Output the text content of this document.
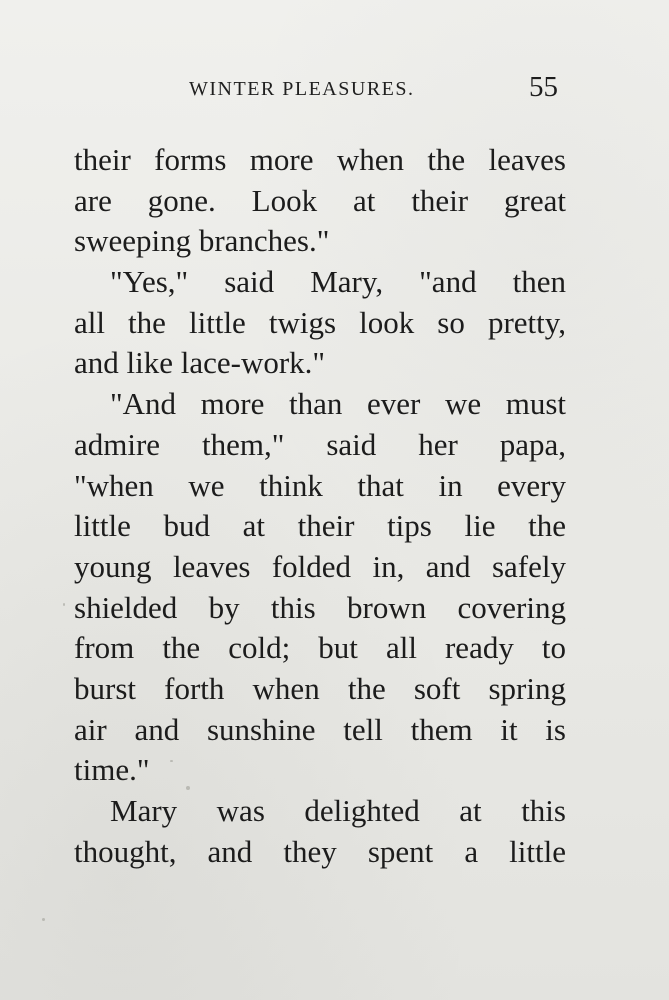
WINTER PLEASURES.	55
their forms more when the leaves
are gone. Look at their great
sweeping branches."
"Yes," said Mary, "and then
all the little twigs look so pretty,
and like lace-work."
"And more than ever we must
admire them," said her papa,
"when we think that in every
little bud at their tips lie the
young leaves folded in, and safely
shielded by this brown covering
from the cold; but all ready to
burst forth when the soft spring
air and sunshine tell them it is
time."
Mary was delighted at this
thought, and they spent a little
